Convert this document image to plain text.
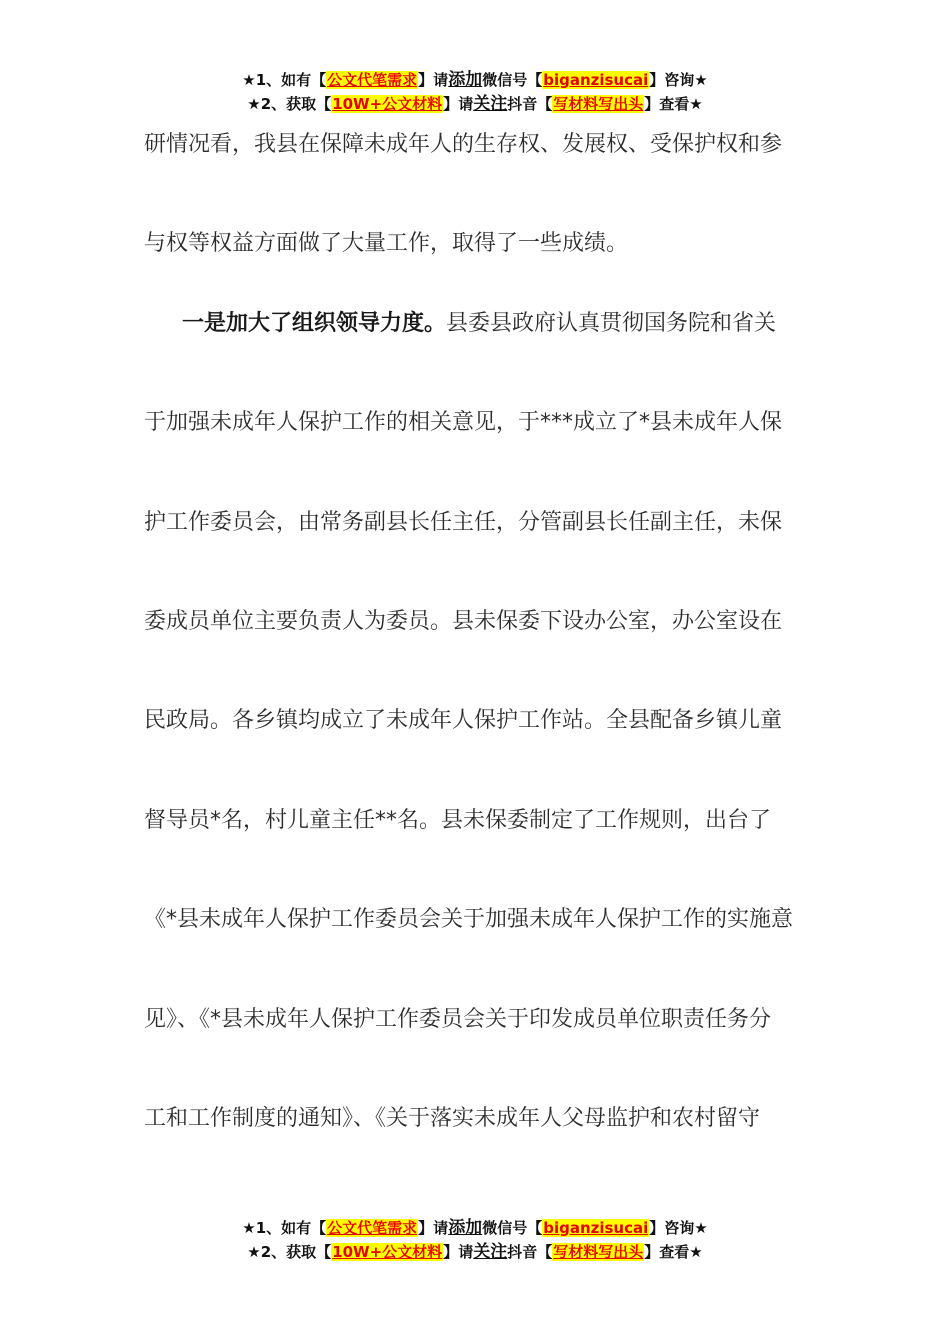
★1、如有【公文代笔需求】请添加微信号【biganzisucai】咨询★
★2、获取【10W+公文材料】请关注抖音【写材料写出头】查看★
研情况看，我县在保障未成年人的生存权、发展权、受保护权和参
与权等权益方面做了大量工作，取得了一些成绩。
一是加大了组织领导力度。县委县政府认真贯彻国务院和省关
于加强未成年人保护工作的相关意见，于***成立了*县未成年人保
护工作委员会，由常务副县长任主任，分管副县长任副主任，未保
委成员单位主要负责人为委员。县未保委下设办公室，办公室设在
民政局。各乡镇均成立了未成年人保护工作站。全县配备乡镇儿童
督导员*名，村儿童主任**名。县未保委制定了工作规则，出台了
《*县未成年人保护工作委员会关于加强未成年人保护工作的实施意
见》、《*县未成年人保护工作委员会关于印发成员单位职责任务分
工和工作制度的通知》、《关于落实未成年人父母监护和农村留守
★1、如有【公文代笔需求】请添加微信号【biganzisucai】咨询★
★2、获取【10W+公文材料】请关注抖音【写材料写出头】查看★
